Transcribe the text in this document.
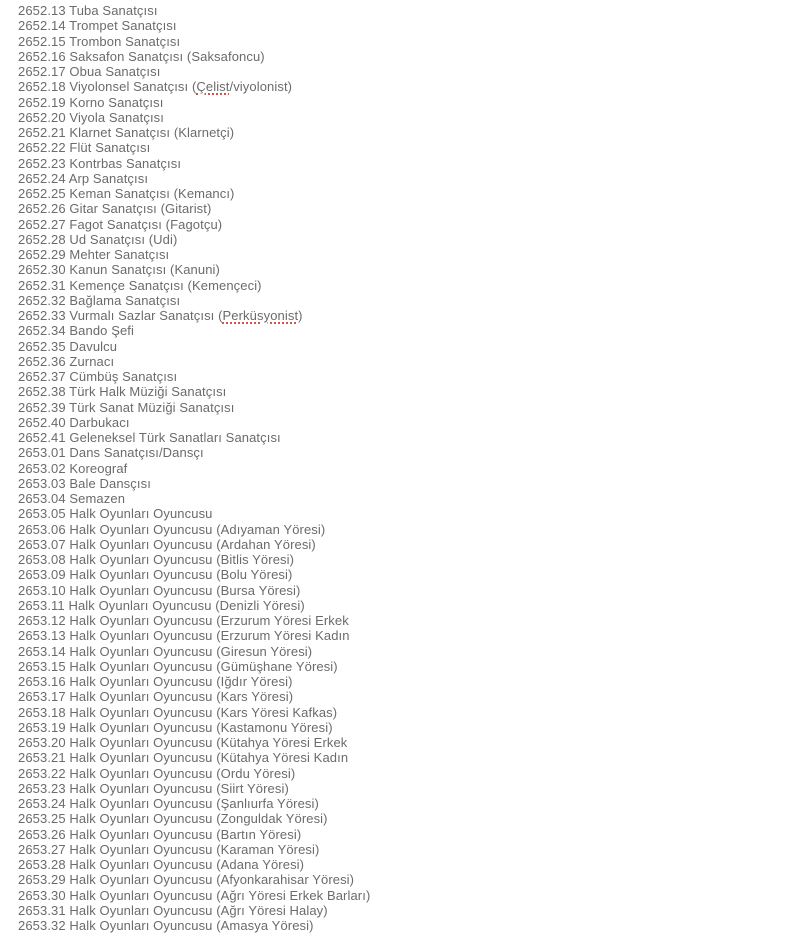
2652.13 Tuba Sanatçısı
2652.14 Trompet Sanatçısı
2652.15 Trombon Sanatçısı
2652.16 Saksafon Sanatçısı (Saksafoncu)
2652.17 Obua Sanatçısı
2652.18 Viyolonsel Sanatçısı (Çelist/viyolonist)
2652.19 Korno Sanatçısı
2652.20 Viyola Sanatçısı
2652.21 Klarnet Sanatçısı (Klarnetçi)
2652.22 Flüt Sanatçısı
2652.23 Kontrbas Sanatçısı
2652.24 Arp Sanatçısı
2652.25 Keman Sanatçısı (Kemancı)
2652.26 Gitar Sanatçısı (Gitarist)
2652.27 Fagot Sanatçısı (Fagotçu)
2652.28 Ud Sanatçısı (Udi)
2652.29 Mehter Sanatçısı
2652.30 Kanun Sanatçısı (Kanuni)
2652.31 Kemençe Sanatçısı (Kemençeci)
2652.32 Bağlama Sanatçısı
2652.33 Vurmalı Sazlar Sanatçısı (Perküsyonist)
2652.34 Bando Şefi
2652.35 Davulcu
2652.36 Zurnacı
2652.37 Cümbüş Sanatçısı
2652.38 Türk Halk Müziği Sanatçısı
2652.39 Türk Sanat Müziği Sanatçısı
2652.40 Darbukacı
2652.41 Geleneksel Türk Sanatları Sanatçısı
2653.01 Dans Sanatçısı/Dansçı
2653.02 Koreograf
2653.03 Bale Dansçısı
2653.04 Semazen
2653.05 Halk Oyunları Oyuncusu
2653.06 Halk Oyunları Oyuncusu (Adıyaman Yöresi)
2653.07 Halk Oyunları Oyuncusu (Ardahan Yöresi)
2653.08 Halk Oyunları Oyuncusu (Bitlis Yöresi)
2653.09 Halk Oyunları Oyuncusu (Bolu Yöresi)
2653.10 Halk Oyunları Oyuncusu (Bursa Yöresi)
2653.11 Halk Oyunları Oyuncusu (Denizli Yöresi)
2653.12 Halk Oyunları Oyuncusu (Erzurum Yöresi Erkek
2653.13 Halk Oyunları Oyuncusu (Erzurum Yöresi Kadın
2653.14 Halk Oyunları Oyuncusu (Giresun Yöresi)
2653.15 Halk Oyunları Oyuncusu (Gümüşhane Yöresi)
2653.16 Halk Oyunları Oyuncusu (Iğdır Yöresi)
2653.17 Halk Oyunları Oyuncusu (Kars Yöresi)
2653.18 Halk Oyunları Oyuncusu (Kars Yöresi Kafkas)
2653.19 Halk Oyunları Oyuncusu (Kastamonu Yöresi)
2653.20 Halk Oyunları Oyuncusu (Kütahya Yöresi Erkek
2653.21 Halk Oyunları Oyuncusu (Kütahya Yöresi Kadın
2653.22 Halk Oyunları Oyuncusu (Ordu Yöresi)
2653.23 Halk Oyunları Oyuncusu (Siirt Yöresi)
2653.24 Halk Oyunları Oyuncusu (Şanlıurfa Yöresi)
2653.25 Halk Oyunları Oyuncusu (Zonguldak Yöresi)
2653.26 Halk Oyunları Oyuncusu (Bartın Yöresi)
2653.27 Halk Oyunları Oyuncusu (Karaman Yöresi)
2653.28 Halk Oyunları Oyuncusu (Adana Yöresi)
2653.29 Halk Oyunları Oyuncusu (Afyonkarahisar Yöresi)
2653.30 Halk Oyunları Oyuncusu (Ağrı Yöresi Erkek Barları)
2653.31 Halk Oyunları Oyuncusu (Ağrı Yöresi Halay)
2653.32 Halk Oyunları Oyuncusu (Amasya Yöresi)
